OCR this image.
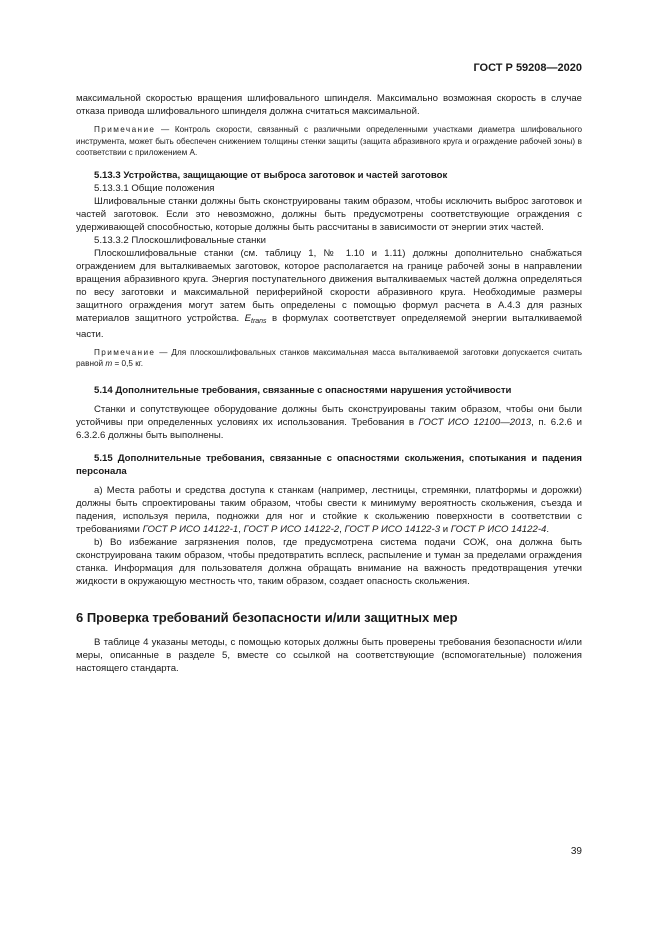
ГОСТ Р 59208—2020

максимальной скоростью вращения шлифовального шпинделя. Максимально возможная скорость в случае отказа привода шлифовального шпинделя должна считаться максимальной.

Примечание — Контроль скорости, связанный с различными определенными участками диаметра шлифовального инструмента, может быть обеспечен снижением толщины стенки защиты (защита абразивного круга и ограждение рабочей зоны) в соответствии с приложением А.

5.13.3 Устройства, защищающие от выброса заготовок и частей заготовок

5.13.3.1 Общие положения

Шлифовальные станки должны быть сконструированы таким образом, чтобы исключить выброс заготовок и частей заготовок. Если это невозможно, должны быть предусмотрены соответствующие ограждения с удерживающей способностью, которые должны быть рассчитаны в зависимости от энергии этих частей.

5.13.3.2 Плоскошлифовальные станки

Плоскошлифовальные станки (см. таблицу 1, № 1.10 и 1.11) должны дополнительно снабжаться ограждением для выталкиваемых заготовок, которое располагается на границе рабочей зоны в направлении вращения абразивного круга. Энергия поступательного движения выталкиваемых частей должна определяться по весу заготовки и максимальной периферийной скорости абразивного круга. Необходимые размеры защитного ограждения могут затем быть определены с помощью формул расчета в А.4.3 для разных материалов защитного устройства. $E_{trans}$ в формулах соответствует определяемой энергии выталкиваемой части.

Примечание — Для плоскошлифовальных станков максимальная масса выталкиваемой заготовки допускается считать равной m = 0,5 кг.

5.14 Дополнительные требования, связанные с опасностями нарушения устойчивости

Станки и сопутствующее оборудование должны быть сконструированы таким образом, чтобы они были устойчивы при определенных условиях их использования. Требования в ГОСТ ИСО 12100—2013, п. 6.2.6 и 6.3.2.6 должны быть выполнены.

5.15 Дополнительные требования, связанные с опасностями скольжения, спотыкания и падения персонала

а) Места работы и средства доступа к станкам (например, лестницы, стремянки, платформы и дорожки) должны быть спроектированы таким образом, чтобы свести к минимуму вероятность скольжения, съезда и падения, используя перила, подножки для ног и стойкие к скольжению поверхности в соответствии с требованиями ГОСТ Р ИСО 14122-1, ГОСТ Р ИСО 14122-2, ГОСТ Р ИСО 14122-3 и ГОСТ Р ИСО 14122-4.

b) Во избежание загрязнения полов, где предусмотрена система подачи СОЖ, она должна быть сконструирована таким образом, чтобы предотвратить всплеск, распыление и туман за пределами ограждения станка. Информация для пользователя должна обращать внимание на важность предотвращения утечки жидкости в окружающую местность что, таким образом, создает опасность скольжения.

6 Проверка требований безопасности и/или защитных мер

В таблице 4 указаны методы, с помощью которых должны быть проверены требования безопасности и/или меры, описанные в разделе 5, вместе со ссылкой на соответствующие (вспомогательные) положения настоящего стандарта.

39
